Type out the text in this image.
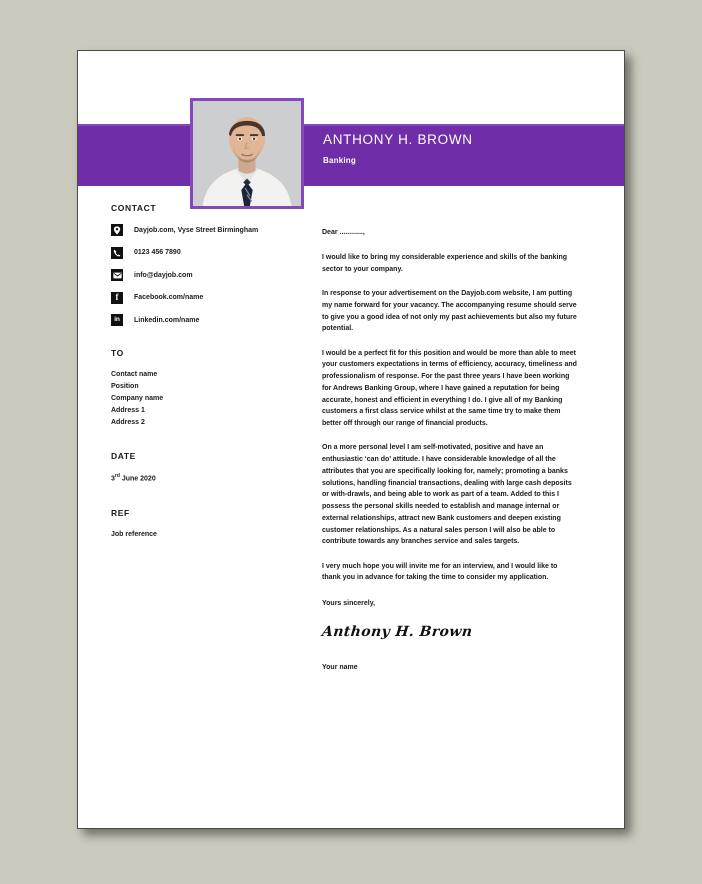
ANTHONY H. BROWN
Banking
CONTACT
Dayjob.com, Vyse Street Birmingham
0123 456 7890
info@dayjob.com
f Facebook.com/name
in Linkedin.com/name
TO
Contact name
Position
Company name
Address 1
Address 2
DATE
3rd June 2020
REF
Job reference
Dear ............,
I would like to bring my considerable experience and skills of the banking sector to your company.
In response to your advertisement on the Dayjob.com website, I am putting my name forward for your vacancy. The accompanying resume should serve to give you a good idea of not only my past achievements but also my future potential.
I would be a perfect fit for this position and would be more than able to meet your customers expectations in terms of efficiency, accuracy, timeliness and professionalism of response. For the past three years I have been working for Andrews Banking Group, where I have gained a reputation for being accurate, honest and efficient in everything I do. I give all of my Banking customers a first class service whilst at the same time try to make them better off through our range of financial products.
On a more personal level I am self-motivated, positive and have an enthusiastic ‘can do’ attitude. I have considerable knowledge of all the attributes that you are specifically looking for, namely; promoting a banks solutions, handling financial transactions, dealing with large cash deposits or with-drawls, and being able to work as part of a team. Added to this I possess the personal skills needed to establish and manage internal or external relationships, attract new Bank customers and deepen existing customer relationships. As a natural sales person I will also be able to contribute towards any branches service and sales targets.
I very much hope you will invite me for an interview, and I would like to thank you in advance for taking the time to consider my application.
Yours sincerely,
Anthony H. Brown
Your name
